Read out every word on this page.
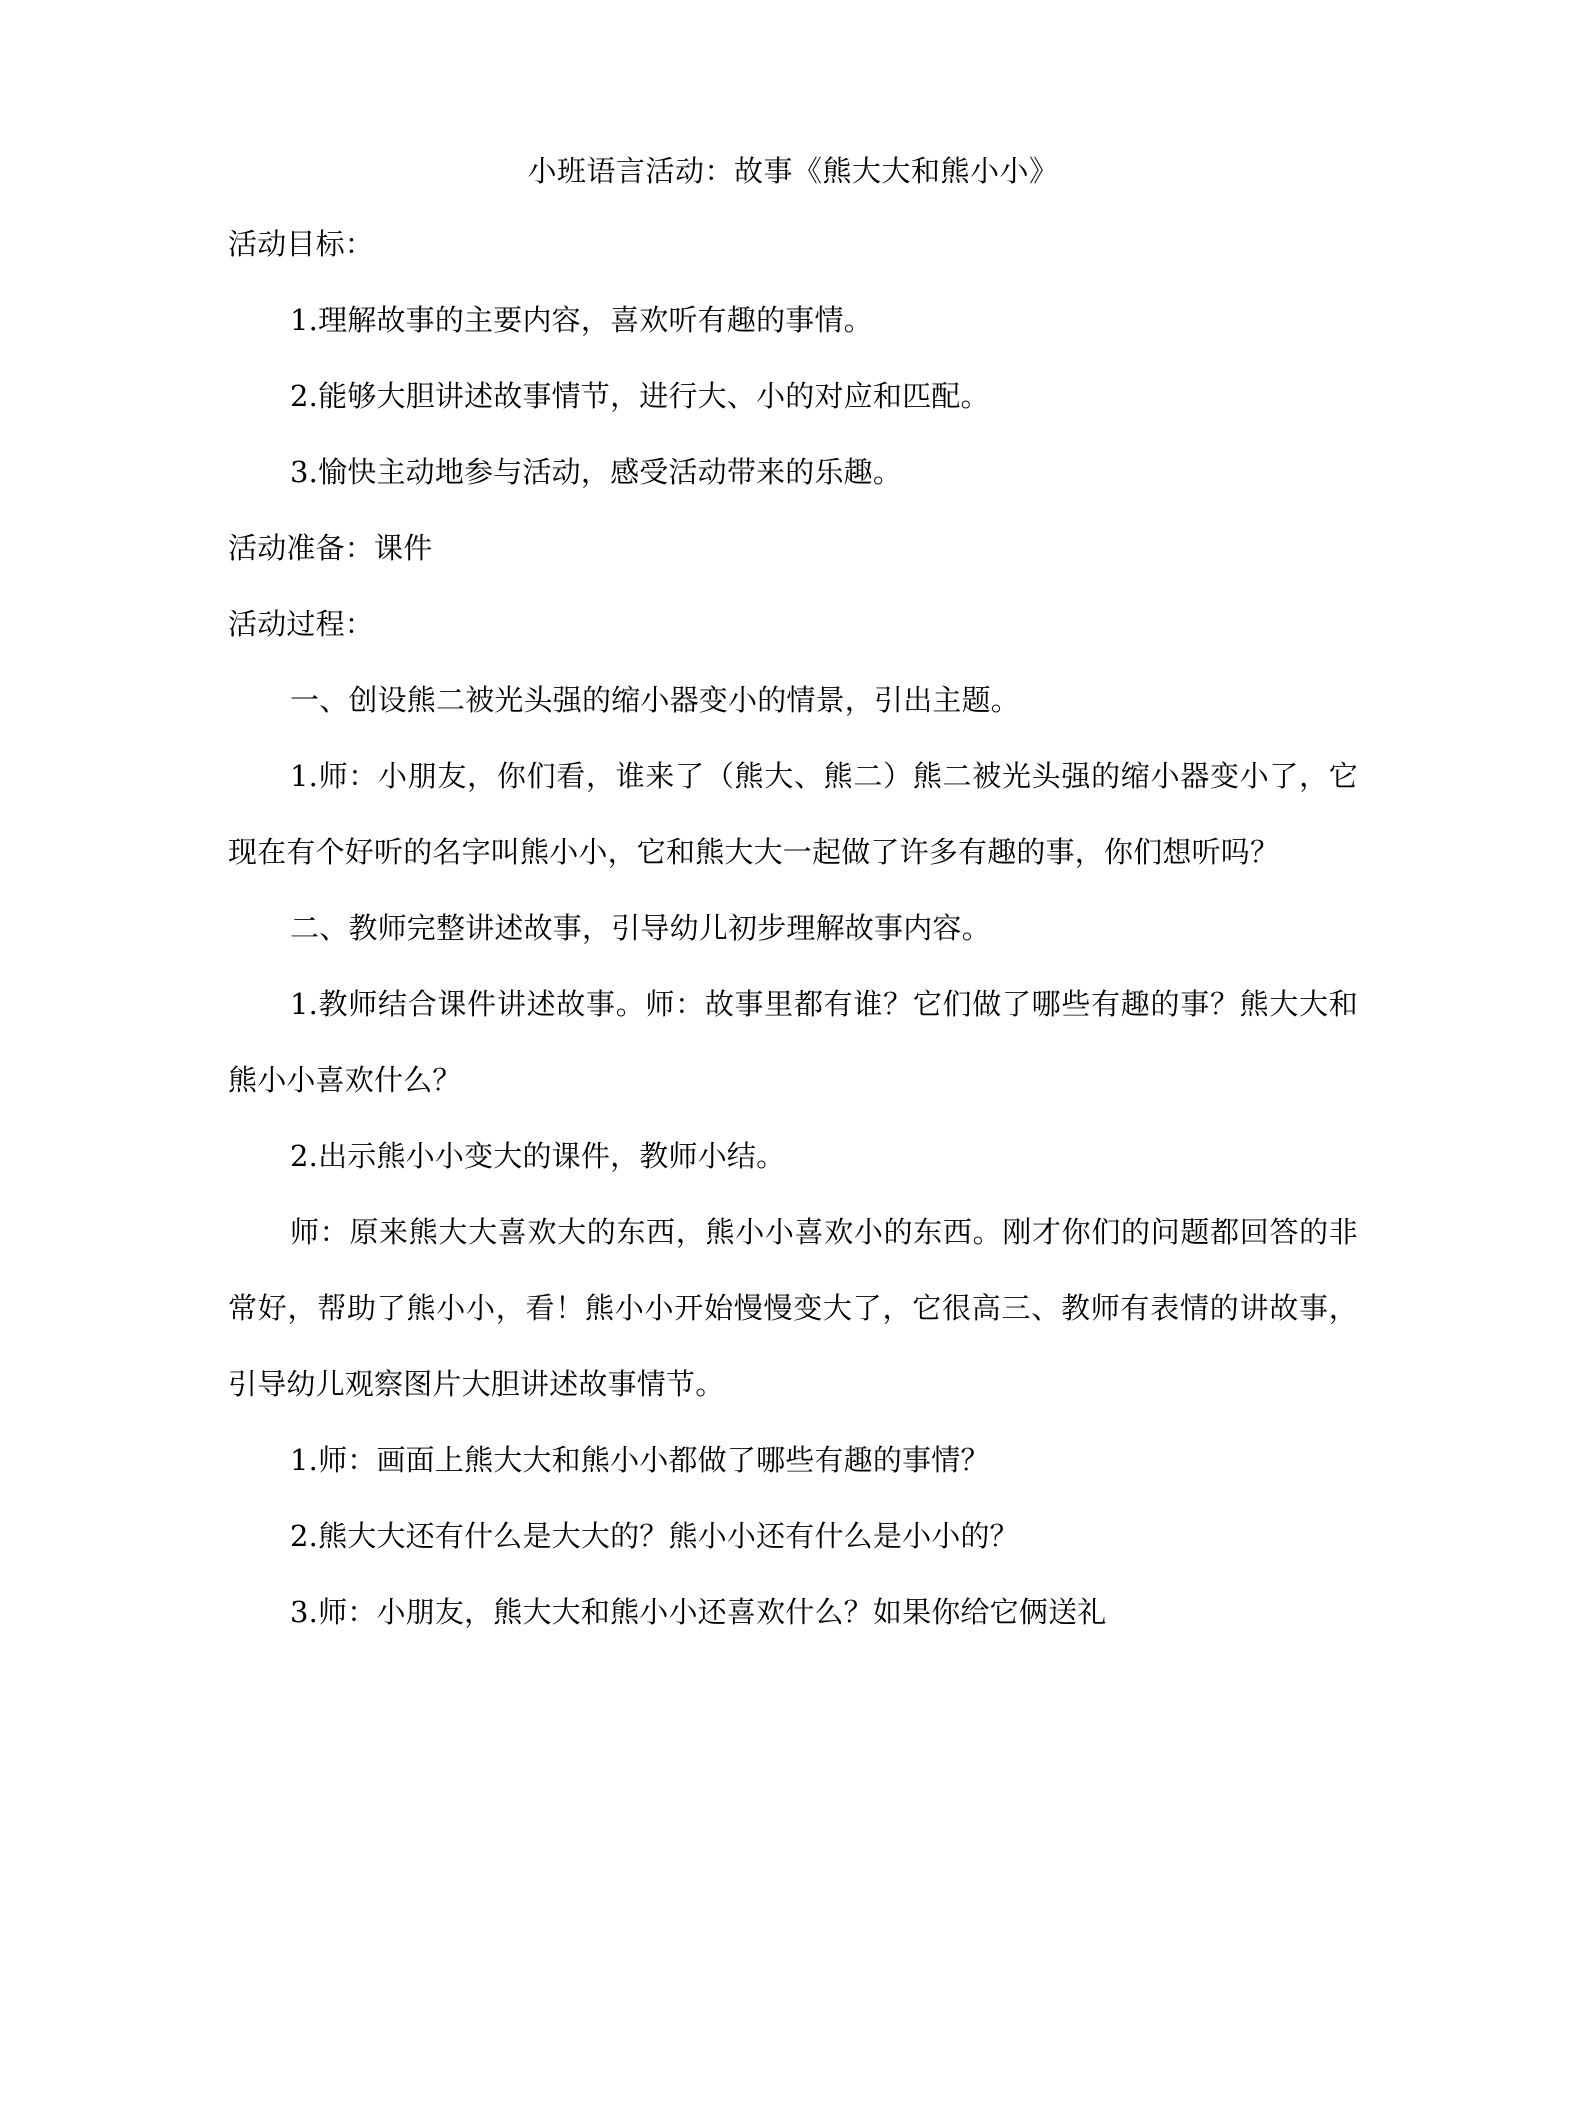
小班语言活动：故事《熊大大和熊小小》

活动目标：

1.理解故事的主要内容，喜欢听有趣的事情。

2.能够大胆讲述故事情节，进行大、小的对应和匹配。

3.愉快主动地参与活动，感受活动带来的乐趣。

活动准备：课件

活动过程：

一、创设熊二被光头强的缩小器变小的情景，引出主题。

1.师：小朋友，你们看，谁来了（熊大、熊二）熊二被光头强的缩小器变小了，它现在有个好听的名字叫熊小小，它和熊大大一起做了许多有趣的事，你们想听吗？

二、教师完整讲述故事，引导幼儿初步理解故事内容。

1.教师结合课件讲述故事。师：故事里都有谁？它们做了哪些有趣的事？熊大大和熊小小喜欢什么？

2.出示熊小小变大的课件，教师小结。

师：原来熊大大喜欢大的东西，熊小小喜欢小的东西。刚才你们的问题都回答的非常好，帮助了熊小小，看！熊小小开始慢慢变大了，它很高三、教师有表情的讲故事，引导幼儿观察图片大胆讲述故事情节。

1.师：画面上熊大大和熊小小都做了哪些有趣的事情？

2.熊大大还有什么是大大的？熊小小还有什么是小小的？

3.师：小朋友，熊大大和熊小小还喜欢什么？如果你给它俩送礼
